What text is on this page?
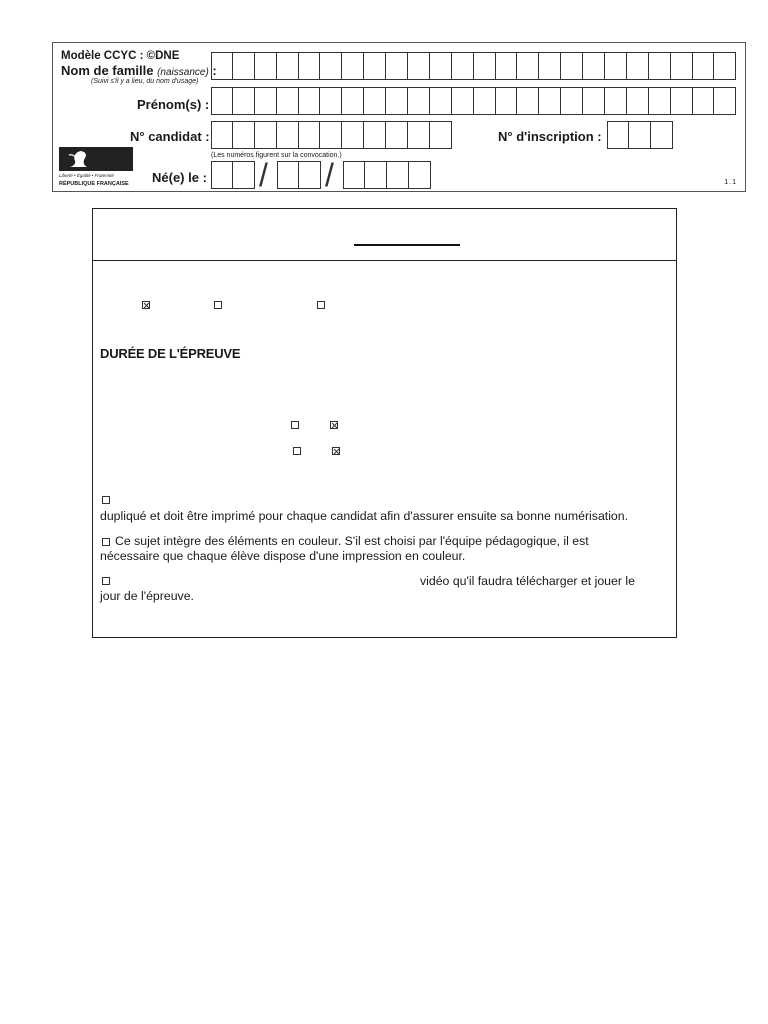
Modèle CCYC : ©DNE
Nom de famille (naissance) :
(Suivi s'il y a lieu, du nom d'usage)
Prénom(s) :
N° candidat :
(Les numéros figurent sur la convocation.)
N° d'inscription :
Né(e) le :	1.1
/ /
Liberté • Égalité • Fraternité
RÉPUBLIQUE FRANÇAISE
DURÉE DE L'ÉPREUVE
dupliqué et doit être imprimé pour chaque candidat afin d'assurer ensuite sa bonne numérisation.
Ce sujet intègre des éléments en couleur. S'il est choisi par l'équipe pédagogique, il est
nécessaire que chaque élève dispose d'une impression en couleur.
vidéo qu'il faudra télécharger et jouer le
jour de l'épreuve.
